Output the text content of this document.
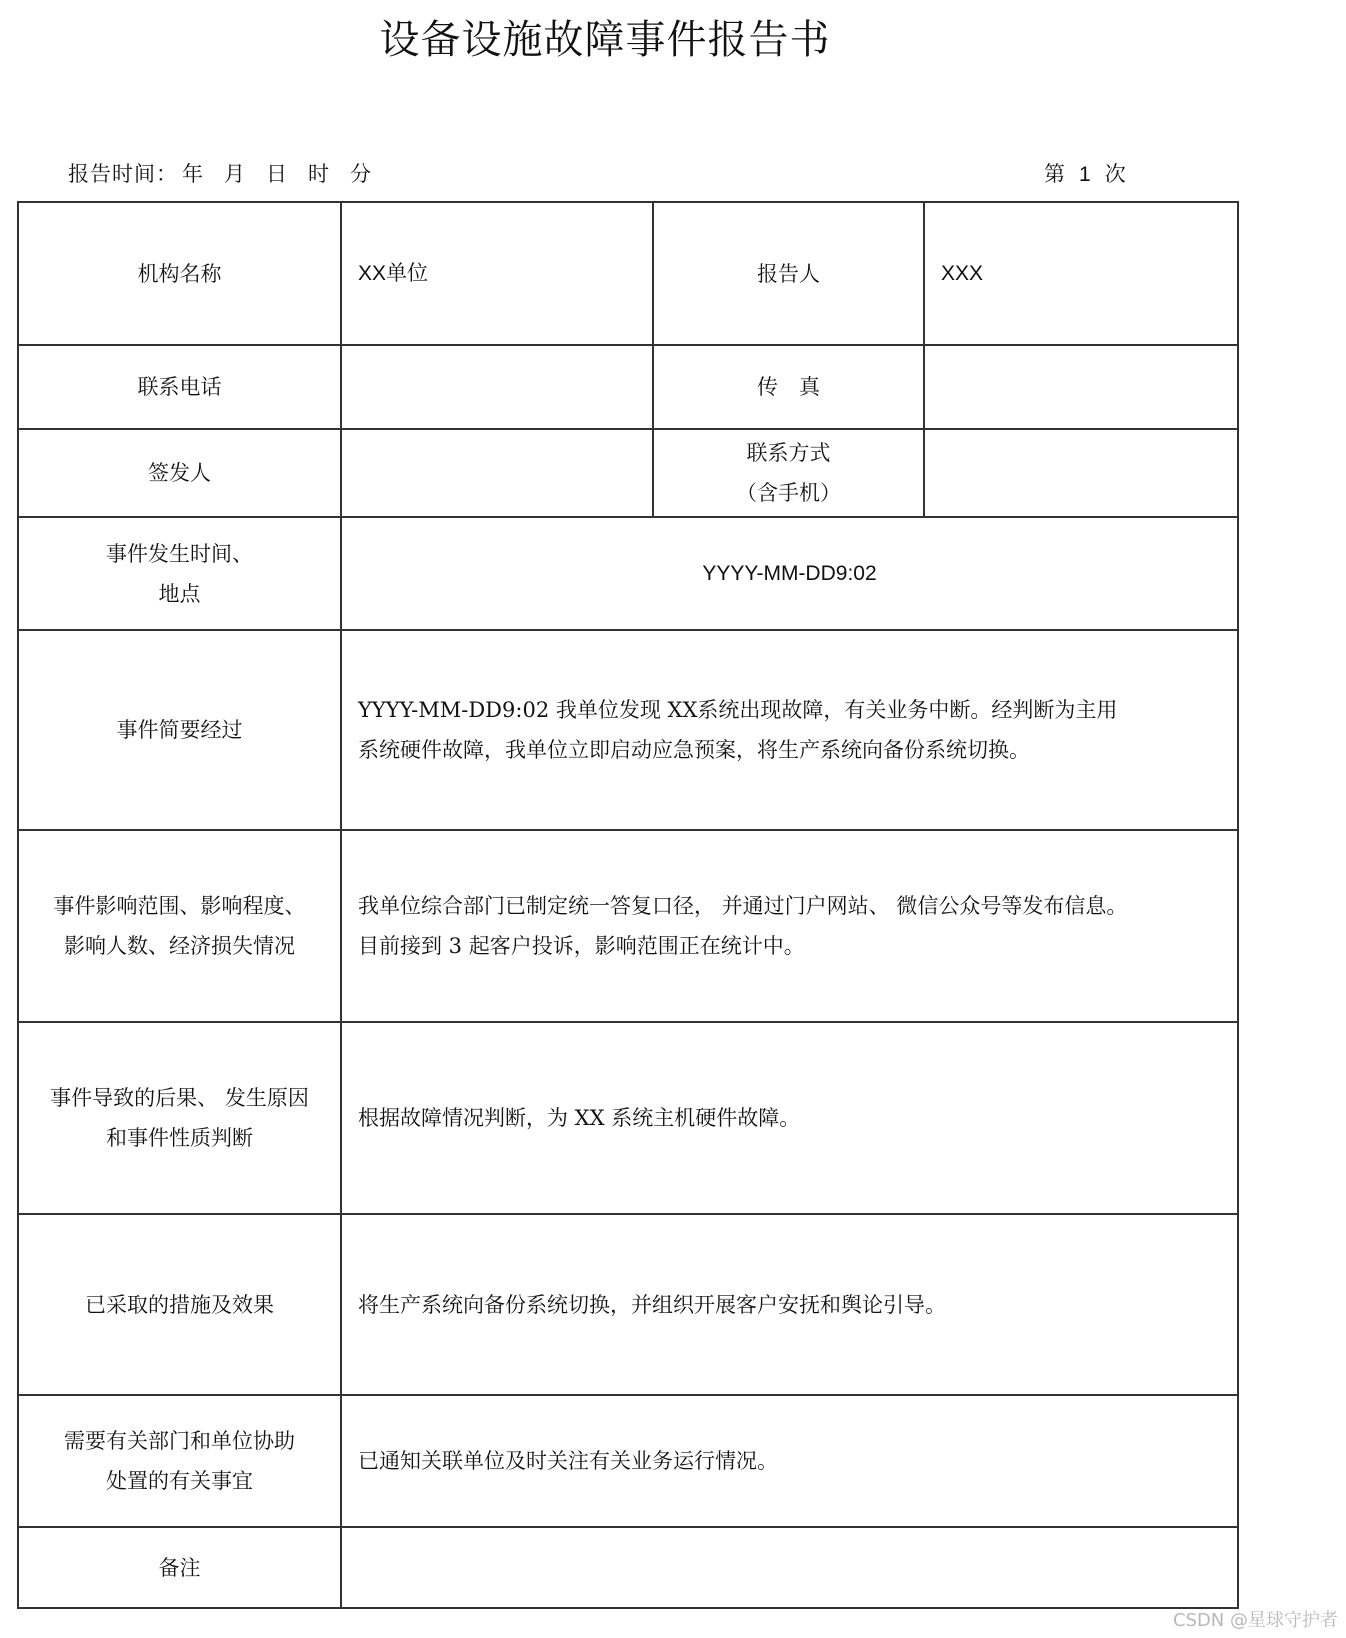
设备设施故障事件报告书
报告时间： 年 月 日 时 分	第 1 次
机构名称	XX单位	报告人	XXX
联系电话		传　真	
签发人		联系方式
（含手机）	

事件发生时间、
地点	YYYY-MM-DD9:02		
事件简要经过	YYYY-MM-DD9:02 我单位发现 XX系统出现故障，有关业务中断。经判断为主用
系统硬件故障，我单位立即启动应急预案，将生产系统向备份系统切换。		

事件影响范围、影响程度、
影响人数、经济损失情况	我单位综合部门已制定统一答复口径， 并通过门户网站、 微信公众号等发布信息。
目前接到 3 起客户投诉，影响范围正在统计中。		

事件导致的后果、 发生原因
和事件性质判断	根据故障情况判断，为 XX 系统主机硬件故障。		
已采取的措施及效果	将生产系统向备份系统切换，并组织开展客户安抚和舆论引导。		

需要有关部门和单位协助
处置的有关事宜	已通知关联单位及时关注有关业务运行情况。		
备注			
CSDN @星球守护者
